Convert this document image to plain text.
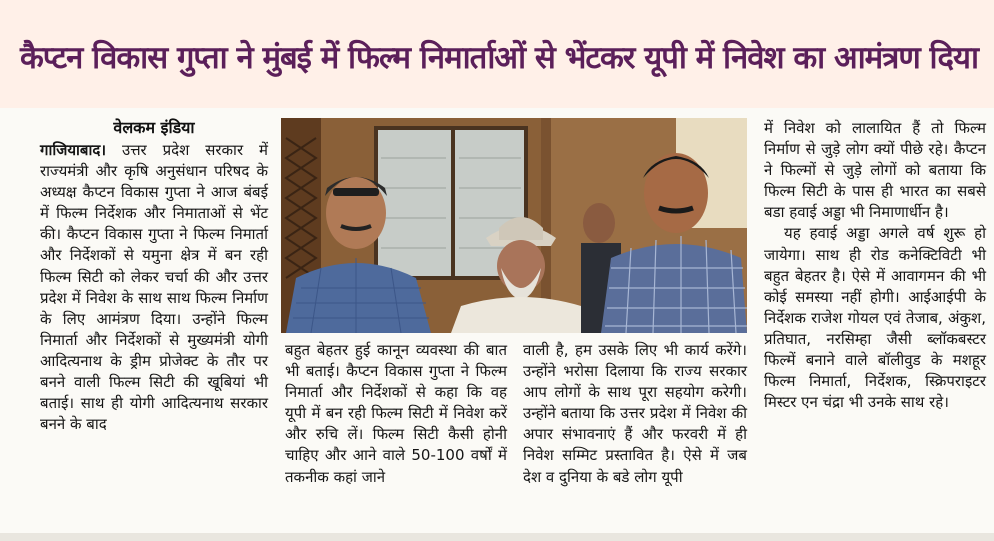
कैप्टन विकास गुप्ता ने मुंबई में फिल्म निमार्ताओं से भेंटकर यूपी में निवेश का आमंत्रण दिया
वेलकम इंडिया

गाजियाबाद। उत्तर प्रदेश सरकार में राज्यमंत्री और कृषि अनुसंधान परिषद के अध्यक्ष कैप्टन विकास गुप्ता ने आज बंबई में फिल्म निर्देशक और निमाताओं से भेंट की। कैप्टन विकास गुप्ता ने फिल्म निमार्ता और निर्देशकों से यमुना क्षेत्र में बन रही फिल्म सिटी को लेकर चर्चा की और उत्तर प्रदेश में निवेश के साथ साथ फिल्म निर्माण के लिए आमंत्रण दिया। उन्होंने फिल्म निमार्ता और निर्देशकों से मुख्यमंत्री योगी आदित्यनाथ के ड्रीम प्रोजेक्ट के तौर पर बनने वाली फिल्म सिटी की खूबियां भी बताई। साथ ही योगी आदित्यनाथ सरकार बनने के बाद

बहुत बेहतर हुई कानून व्यवस्था की बात भी बताई। कैप्टन विकास गुप्ता ने फिल्म निमार्ता और निर्देशकों से कहा कि वह यूपी में बन रही फिल्म सिटी में निवेश करें और रुचि लें। फिल्म सिटी कैसी होनी चाहिए और आने वाले 50-100 वर्षों में तकनीक कहां जाने

वाली है, हम उसके लिए भी कार्य करेंगे। उन्होंने भरोसा दिलाया कि राज्य सरकार आप लोगों के साथ पूरा सहयोग करेगी। उन्होंने बताया कि उत्तर प्रदेश में निवेश की अपार संभावनाएं हैं और फरवरी में ही निवेश सम्मिट प्रस्तावित है। ऐसे में जब देश व दुनिया के बडे लोग यूपी

में निवेश को लालायित हैं तो फिल्म निर्माण से जुड़े लोग क्यों पीछे रहे। कैप्टन ने फिल्मों से जुड़े लोगों को बताया कि फिल्म सिटी के पास ही भारत का सबसे बडा हवाई अड्डा भी निमाणार्धीन है।

यह हवाई अड्डा अगले वर्ष शुरू हो जायेगा। साथ ही रोड कनेक्टिविटी भी बहुत बेहतर है। ऐसे में आवागमन की भी कोई समस्या नहीं होगी। आईआईपी के निर्देशक राजेश गोयल एवं तेजाब, अंकुश, प्रतिघात, नरसिम्हा जैसी ब्लॉकबस्टर फिल्में बनाने वाले बॉलीवुड के मशहूर फिल्म निमार्ता, निर्देशक, स्क्रिपराइटर मिस्टर एन चंद्रा भी उनके साथ रहे।
